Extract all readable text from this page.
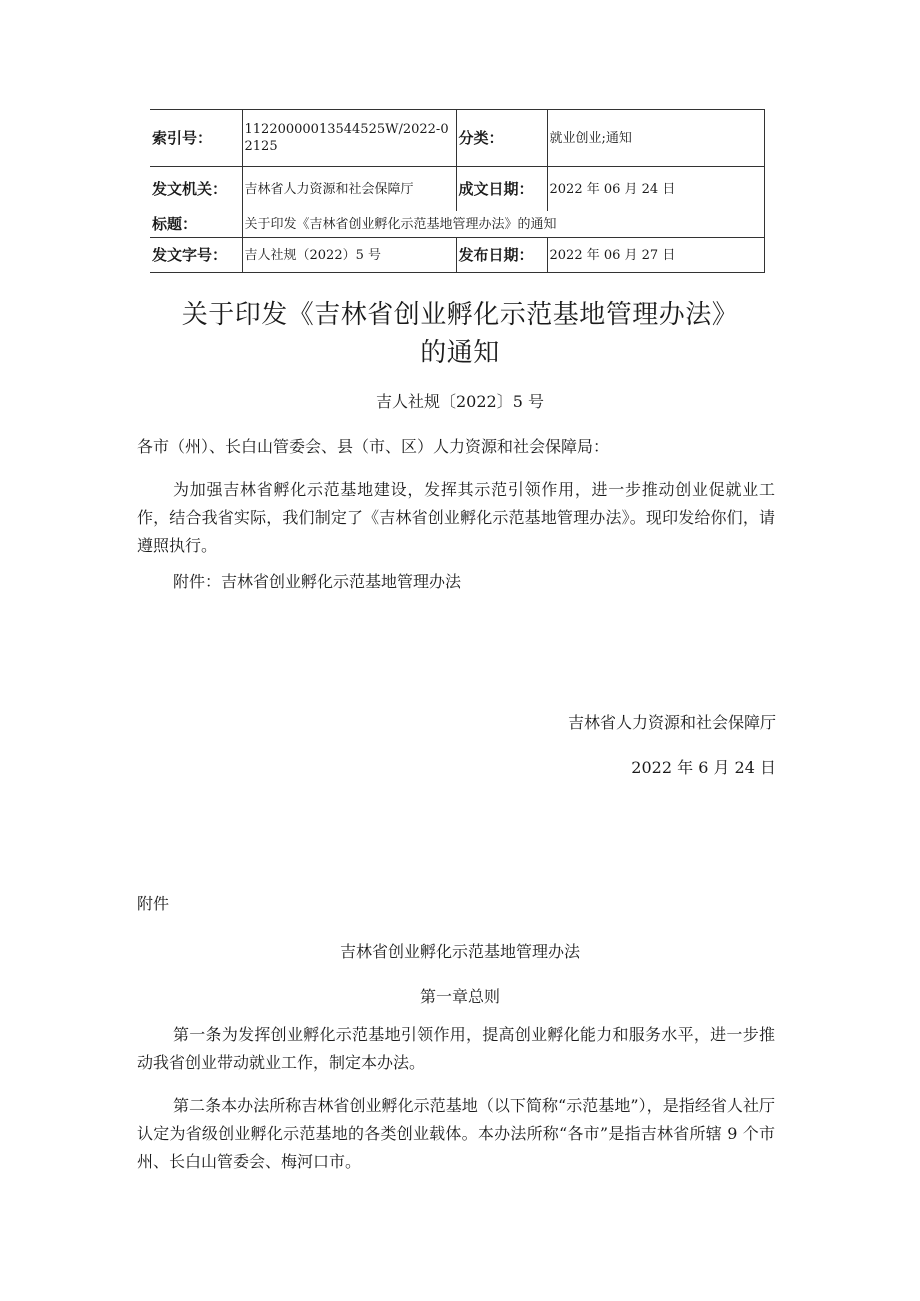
索引号：	11220000013544525W/2022-02125	分类：	就业创业;通知
发文机关：	吉林省人力资源和社会保障厅	成文日期：	2022 年 06 月 24 日
标题：	关于印发《吉林省创业孵化示范基地管理办法》的通知		
发文字号：	吉人社规（2022）5 号	发布日期：	2022 年 06 月 27 日
关于印发《吉林省创业孵化示范基地管理办法》
的通知
吉人社规〔2022〕5 号

各市（州）、长白山管委会、县（市、区）人力资源和社会保障局：

为加强吉林省孵化示范基地建设，发挥其示范引领作用，进一步推动创业促就业工作，结合我省实际，我们制定了《吉林省创业孵化示范基地管理办法》。现印发给你们，请遵照执行。

附件：吉林省创业孵化示范基地管理办法

吉林省人力资源和社会保障厅
2022 年 6 月 24 日

附件

吉林省创业孵化示范基地管理办法
第一章总则

第一条为发挥创业孵化示范基地引领作用，提高创业孵化能力和服务水平，进一步推动我省创业带动就业工作，制定本办法。

第二条本办法所称吉林省创业孵化示范基地（以下简称“示范基地”），是指经省人社厅认定为省级创业孵化示范基地的各类创业载体。本办法所称“各市”是指吉林省所辖 9 个市州、长白山管委会、梅河口市。
